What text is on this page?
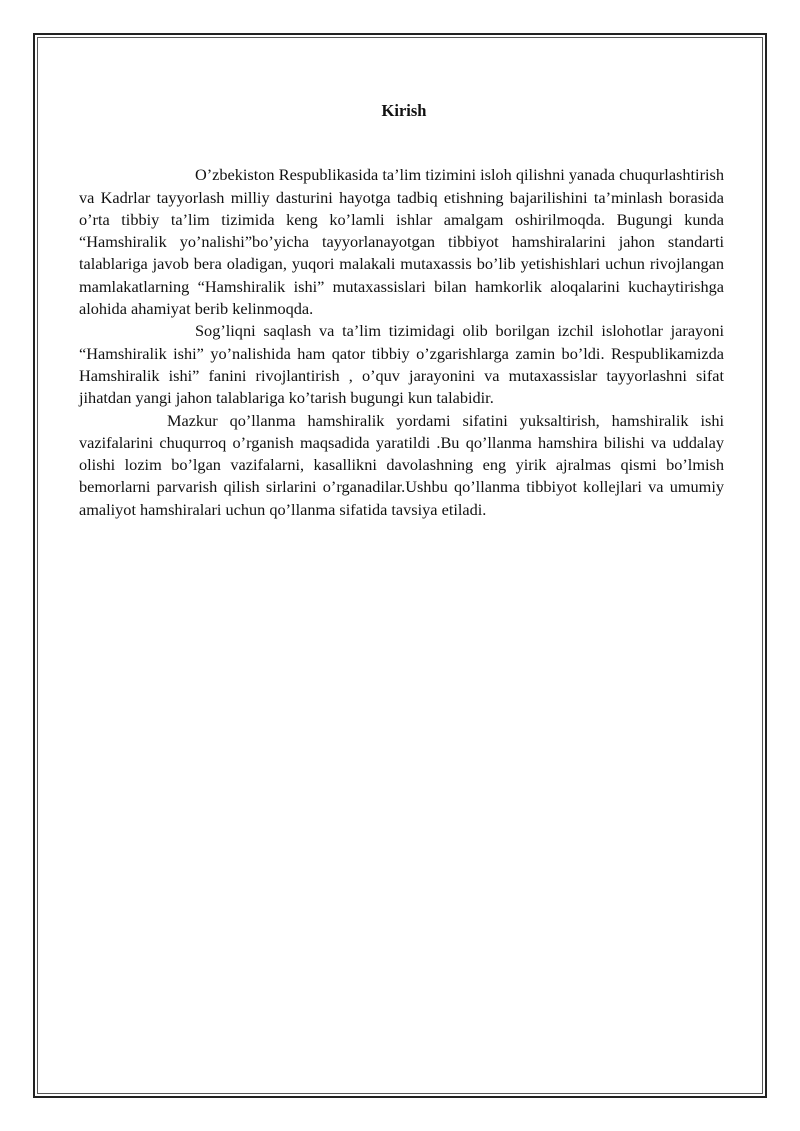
Kirish

O’zbekiston Respublikasida ta’lim tizimini isloh qilishni yanada chuqurlashtirish va Kadrlar tayyorlash milliy dasturini hayotga tadbiq etishning bajarilishini ta’minlash borasida o’rta tibbiy ta’lim tizimida keng ko’lamli ishlar amalgam oshirilmoqda. Bugungi kunda “Hamshiralik yo’nalishi”bo’yicha tayyorlanayotgan tibbiyot hamshiralarini jahon standarti talablariga javob bera oladigan, yuqori malakali mutaxassis bo’lib yetishishlari uchun rivojlangan mamlakatlarning “Hamshiralik ishi” mutaxassislari bilan hamkorlik aloqalarini kuchaytirishga alohida ahamiyat berib kelinmoqda.

Sog’liqni saqlash va ta’lim tizimidagi olib borilgan izchil islohotlar jarayoni “Hamshiralik ishi” yo’nalishida ham qator tibbiy o’zgarishlarga zamin bo’ldi. Respublikamizda Hamshiralik ishi” fanini rivojlantirish , o’quv jarayonini va mutaxassislar tayyorlashni sifat jihatdan yangi jahon talablariga ko’tarish bugungi kun talabidir.

Mazkur qo’llanma hamshiralik yordami sifatini yuksaltirish, hamshiralik ishi vazifalarini chuqurroq o’rganish maqsadida yaratildi .Bu qo’llanma hamshira bilishi va uddalay olishi lozim bo’lgan vazifalarni, kasallikni davolashning eng yirik ajralmas qismi bo’lmish bemorlarni parvarish qilish sirlarini o’rganadilar.Ushbu qo’llanma tibbiyot kollejlari va umumiy amaliyot hamshiralari uchun qo’llanma sifatida tavsiya etiladi.
